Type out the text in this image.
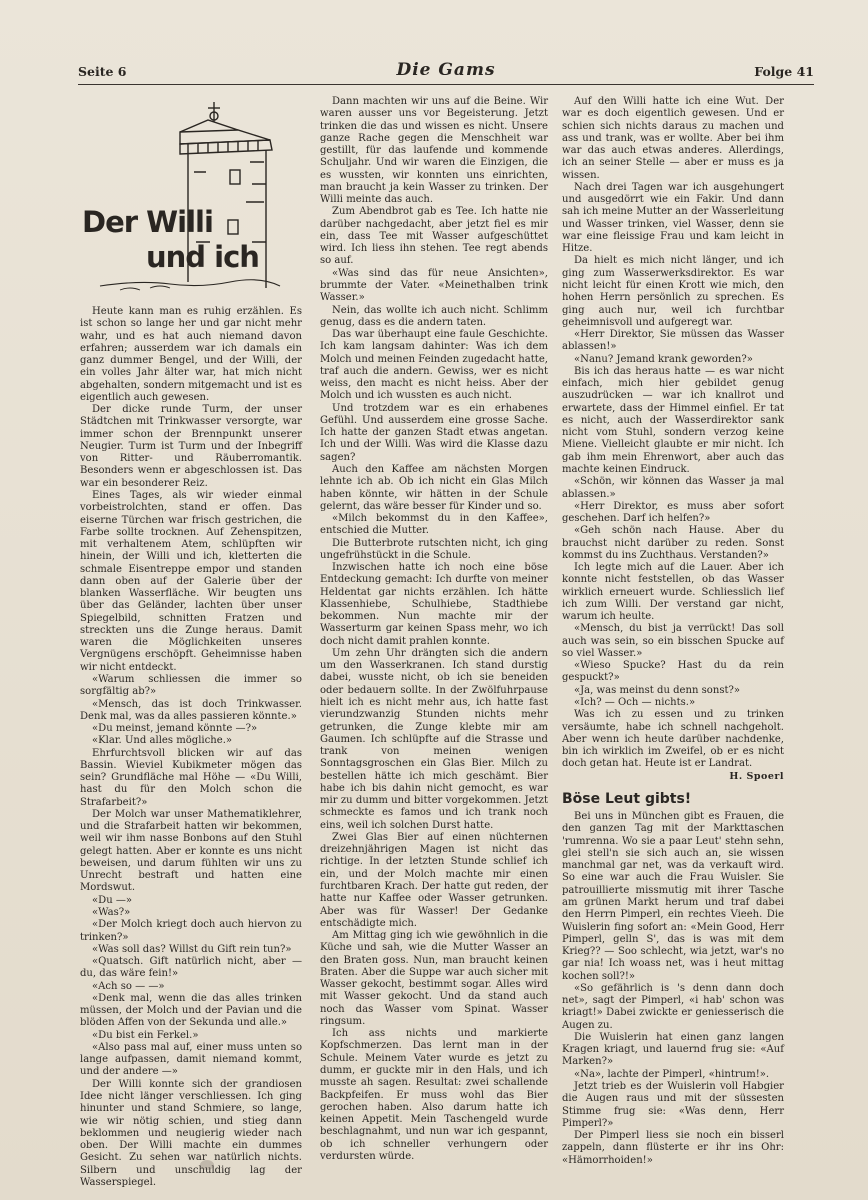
Seite 6	Die Gams	Folge 41
Der Willi
und ich

Heute kann man es ruhig erzählen. Es ist schon so lange her und gar nicht mehr wahr, und es hat auch niemand davon erfahren; ausserdem war ich damals ein ganz dummer Bengel, und der Willi, der ein volles Jahr älter war, hat mich nicht abgehalten, sondern mitgemacht und ist es eigentlich auch gewesen.

Der dicke runde Turm, der unser Städtchen mit Trinkwasser versorgte, war immer schon der Brennpunkt unserer Neugier. Turm ist Turm und der Inbegriff von Ritter- und Räuberromantik. Besonders wenn er abgeschlossen ist. Das war ein besonderer Reiz.

Eines Tages, als wir wieder einmal vorbeistrolchten, stand er offen. Das eiserne Türchen war frisch gestrichen, die Farbe sollte trocknen. Auf Zehenspitzen, mit verhaltenem Atem, schlüpften wir hinein, der Willi und ich, kletterten die schmale Eisentreppe empor und standen dann oben auf der Galerie über der blanken Wasserfläche. Wir beugten uns über das Geländer, lachten über unser Spiegelbild, schnitten Fratzen und streckten uns die Zunge heraus. Damit waren die Möglichkeiten unseres Vergnügens erschöpft. Geheimnisse haben wir nicht entdeckt.

«Warum schliessen die immer so sorgfältig ab?»

«Mensch, das ist doch Trinkwasser. Denk mal, was da alles passieren könnte.»

«Du meinst, jemand könnte —?»

«Klar. Und alles mögliche.»

Ehrfurchtsvoll blicken wir auf das Bassin. Wieviel Kubikmeter mögen das sein? Grundfläche mal Höhe — «Du Willi, hast du für den Molch schon die Strafarbeit?»

Der Molch war unser Mathematiklehrer, und die Strafarbeit hatten wir bekommen, weil wir ihm nasse Bonbons auf den Stuhl gelegt hatten. Aber er konnte es uns nicht beweisen, und darum fühlten wir uns zu Unrecht bestraft und hatten eine Mordswut.

«Du —»

«Was?»

«Der Molch kriegt doch auch hiervon zu trinken?»

«Was soll das? Willst du Gift rein tun?»

«Quatsch. Gift natürlich nicht, aber — du, das wäre fein!»

«Ach so — —»

«Denk mal, wenn die das alles trinken müssen, der Molch und der Pavian und die blöden Affen von der Sekunda und alle.»

«Du bist ein Ferkel.»

«Also pass mal auf, einer muss unten so lange aufpassen, damit niemand kommt, und der andere —»

Der Willi konnte sich der grandiosen Idee nicht länger verschliessen. Ich ging hinunter und stand Schmiere, so lange, wie wir nötig schien, und stieg dann beklommen und neugierig wieder nach oben. Der Willi machte ein dummes Gesicht. Zu sehen war natürlich nichts. Silbern und unschuldig lag der Wasserspiegel.

Dann machten wir uns auf die Beine. Wir waren ausser uns vor Begeisterung. Jetzt trinken die das und wissen es nicht. Unsere ganze Rache gegen die Menschheit war gestillt, für das laufende und kommende Schuljahr. Und wir waren die Einzigen, die es wussten, wir konnten uns einrichten, man braucht ja kein Wasser zu trinken. Der Willi meinte das auch.

Zum Abendbrot gab es Tee. Ich hatte nie darüber nachgedacht, aber jetzt fiel es mir ein, dass Tee mit Wasser aufgeschüttet wird. Ich liess ihn stehen. Tee regt abends so auf.

«Was sind das für neue Ansichten», brummte der Vater. «Meinethalben trink Wasser.»

Nein, das wollte ich auch nicht. Schlimm genug, dass es die andern taten.

Das war überhaupt eine faule Geschichte. Ich kam langsam dahinter: Was ich dem Molch und meinen Feinden zugedacht hatte, traf auch die andern. Gewiss, wer es nicht weiss, den macht es nicht heiss. Aber der Molch und ich wussten es auch nicht.

Und trotzdem war es ein erhabenes Gefühl. Und ausserdem eine grosse Sache. Ich hatte der ganzen Stadt etwas angetan. Ich und der Willi. Was wird die Klasse dazu sagen?

Auch den Kaffee am nächsten Morgen lehnte ich ab. Ob ich nicht ein Glas Milch haben könnte, wir hätten in der Schule gelernt, das wäre besser für Kinder und so.

«Milch bekommst du in den Kaffee», entschied die Mutter.

Die Butterbrote rutschten nicht, ich ging ungefrühstückt in die Schule.

Inzwischen hatte ich noch eine böse Entdeckung gemacht: Ich durfte von meiner Heldentat gar nichts erzählen. Ich hätte Klassenhiebe, Schulhiebe, Stadthiebe bekommen. Nun machte mir der Wasserturm gar keinen Spass mehr, wo ich doch nicht damit prahlen konnte.

Um zehn Uhr drängten sich die andern um den Wasserkranen. Ich stand durstig dabei, wusste nicht, ob ich sie beneiden oder bedauern sollte. In der Zwölfuhrpause hielt ich es nicht mehr aus, ich hatte fast vierundzwanzig Stunden nichts mehr getrunken, die Zunge klebte mir am Gaumen. Ich schlüpfte auf die Strasse und trank von meinen wenigen Sonntagsgroschen ein Glas Bier. Milch zu bestellen hätte ich mich geschämt. Bier habe ich bis dahin nicht gemocht, es war mir zu dumm und bitter vorgekommen. Jetzt schmeckte es famos und ich trank noch eins, weil ich solchen Durst hatte.

Zwei Glas Bier auf einen nüchternen dreizehnjährigen Magen ist nicht das richtige. In der letzten Stunde schlief ich ein, und der Molch machte mir einen furchtbaren Krach. Der hatte gut reden, der hatte nur Kaffee oder Wasser getrunken. Aber was für Wasser! Der Gedanke entschädigte mich.

Am Mittag ging ich wie gewöhnlich in die Küche und sah, wie die Mutter Wasser an den Braten goss. Nun, man braucht keinen Braten. Aber die Suppe war auch sicher mit Wasser gekocht, bestimmt sogar. Alles wird mit Wasser gekocht. Und da stand auch noch das Wasser vom Spinat. Wasser ringsum.

Ich ass nichts und markierte Kopfschmerzen. Das lernt man in der Schule. Meinem Vater wurde es jetzt zu dumm, er guckte mir in den Hals, und ich musste ah sagen. Resultat: zwei schallende Backpfeifen. Er muss wohl das Bier gerochen haben. Also darum hatte ich keinen Appetit. Mein Taschengeld wurde beschlagnahmt, und nun war ich gespannt, ob ich schneller verhungern oder verdursten würde.

Auf den Willi hatte ich eine Wut. Der war es doch eigentlich gewesen. Und er schien sich nichts daraus zu machen und ass und trank, was er wollte. Aber bei ihm war das auch etwas anderes. Allerdings, ich an seiner Stelle — aber er muss es ja wissen.

Nach drei Tagen war ich ausgehungert und ausgedörrt wie ein Fakir. Und dann sah ich meine Mutter an der Wasserleitung und Wasser trinken, viel Wasser, denn sie war eine fleissige Frau und kam leicht in Hitze.

Da hielt es mich nicht länger, und ich ging zum Wasserwerksdirektor. Es war nicht leicht für einen Krott wie mich, den hohen Herrn persönlich zu sprechen. Es ging auch nur, weil ich furchtbar geheimnisvoll und aufgeregt war.

«Herr Direktor, Sie müssen das Wasser ablassen!»

«Nanu? Jemand krank geworden?»

Bis ich das heraus hatte — es war nicht einfach, mich hier gebildet genug auszudrücken — war ich knallrot und erwartete, dass der Himmel einfiel. Er tat es nicht, auch der Wasserdirektor sank nicht vom Stuhl, sondern verzog keine Miene. Vielleicht glaubte er mir nicht. Ich gab ihm mein Ehrenwort, aber auch das machte keinen Eindruck.

«Schön, wir können das Wasser ja mal ablassen.»

«Herr Direktor, es muss aber sofort geschehen. Darf ich helfen?»

«Geh schön nach Hause. Aber du brauchst nicht darüber zu reden. Sonst kommst du ins Zuchthaus. Verstanden?»

Ich legte mich auf die Lauer. Aber ich konnte nicht feststellen, ob das Wasser wirklich erneuert wurde. Schliesslich lief ich zum Willi. Der verstand gar nicht, warum ich heulte.

«Mensch, du bist ja verrückt! Das soll auch was sein, so ein bisschen Spucke auf so viel Wasser.»

«Wieso Spucke? Hast du da rein gespuckt?»

«Ja, was meinst du denn sonst?»

«Ich? — Och — nichts.»

Was ich zu essen und zu trinken versäumte, habe ich schnell nachgeholt. Aber wenn ich heute darüber nachdenke, bin ich wirklich im Zweifel, ob er es nicht doch getan hat. Heute ist er Landrat.

H. Spoerl

Böse Leut gibts!

Bei uns in München gibt es Frauen, die den ganzen Tag mit der Markttaschen 'rumrenna. Wo sie a paar Leut' stehn sehn, glei stell'n sie sich auch an, sie wissen manchmal gar net, was da verkauft wird. So eine war auch die Frau Wuisler. Sie patrouillierte missmutig mit ihrer Tasche am grünen Markt herum und traf dabei den Herrn Pimperl, ein rechtes Vieeh. Die Wuislerin fing sofort an: «Mein Good, Herr Pimperl, gelln S', das is was mit dem Krieg?? — Soo schlecht, wia jetzt, war's no gar nia! Ich woass net, was i heut mittag kochen soll?!»

«So gefährlich is 's denn dann doch net», sagt der Pimperl, «i hab' schon was kriagt!» Dabei zwickte er geniesserisch die Augen zu.

Die Wuislerin hat einen ganz langen Kragen kriagt, und lauernd frug sie: «Auf Marken?»

«Na», lachte der Pimperl, «hintrum!».

Jetzt trieb es der Wuislerin voll Habgier die Augen raus und mit der süssesten Stimme frug sie: «Was denn, Herr Pimperl?»

Der Pimperl liess sie noch ein bisserl zappeln, dann flüsterte er ihr ins Ohr: «Hämorrhoiden!»
